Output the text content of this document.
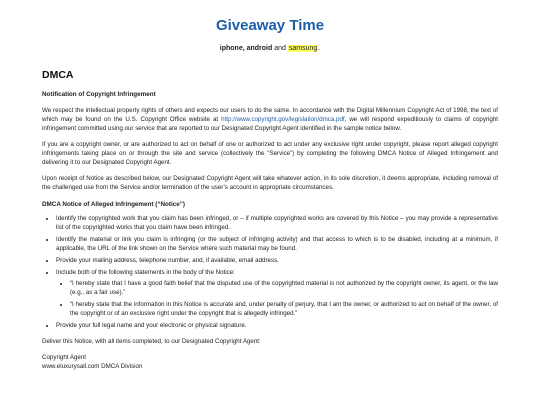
Giveaway Time
iphone, android and samsung.
DMCA
Notification of Copyright Infringement

We respect the intellectual property rights of others and expects our users to do the same. In accordance with the Digital Millennium Copyright Act of 1998, the text of which may be found on the U.S. Copyright Office website at http://www.copyright.gov/legislation/dmca.pdf, we will respond expeditiously to claims of copyright infringement committed using our service that are reported to our Designated Copyright Agent identified in the sample notice below.

If you are a copyright owner, or are authorized to act on behalf of one or authorized to act under any exclusive right under copyright, please report alleged copyright infringements taking place on or through the site and service (collectively the “Service”) by completing the following DMCA Notice of Alleged Infringement and delivering it to our Designated Copyright Agent.

Upon receipt of Notice as described below, our Designated Copyright Agent will take whatever action, in its sole discretion, it deems appropriate, including removal of the challenged use from the Service and/or termination of the user’s account in appropriate circumstances.

DMCA Notice of Alleged Infringement (“Notice”)
• Identify the copyrighted work that you claim has been infringed, or – if multiple copyrighted works are covered by this Notice – you may provide a representative list of the copyrighted works that you claim have been infringed.
• Identify the material or link you claim is infringing (or the subject of infringing activity) and that access to which is to be disabled, including at a minimum, if applicable, the URL of the link shown on the Service where such material may be found.
• Provide your mailing address, telephone number, and, if available, email address.
• Include both of the following statements in the body of the Notice:
• “I hereby state that I have a good faith belief that the disputed use of the copyrighted material is not authorized by the copyright owner, its agent, or the law (e.g., as a fair use).”
• “I hereby state that the information in this Notice is accurate and, under penalty of perjury, that I am the owner, or authorized to act on behalf of the owner, of the copyright or of an exclusive right under the copyright that is allegedly infringed.”
• Provide your full legal name and your electronic or physical signature.

Deliver this Notice, with all items completed, to our Designated Copyright Agent:

Copyright Agent
www.eluxurysall.com DMCA Division
